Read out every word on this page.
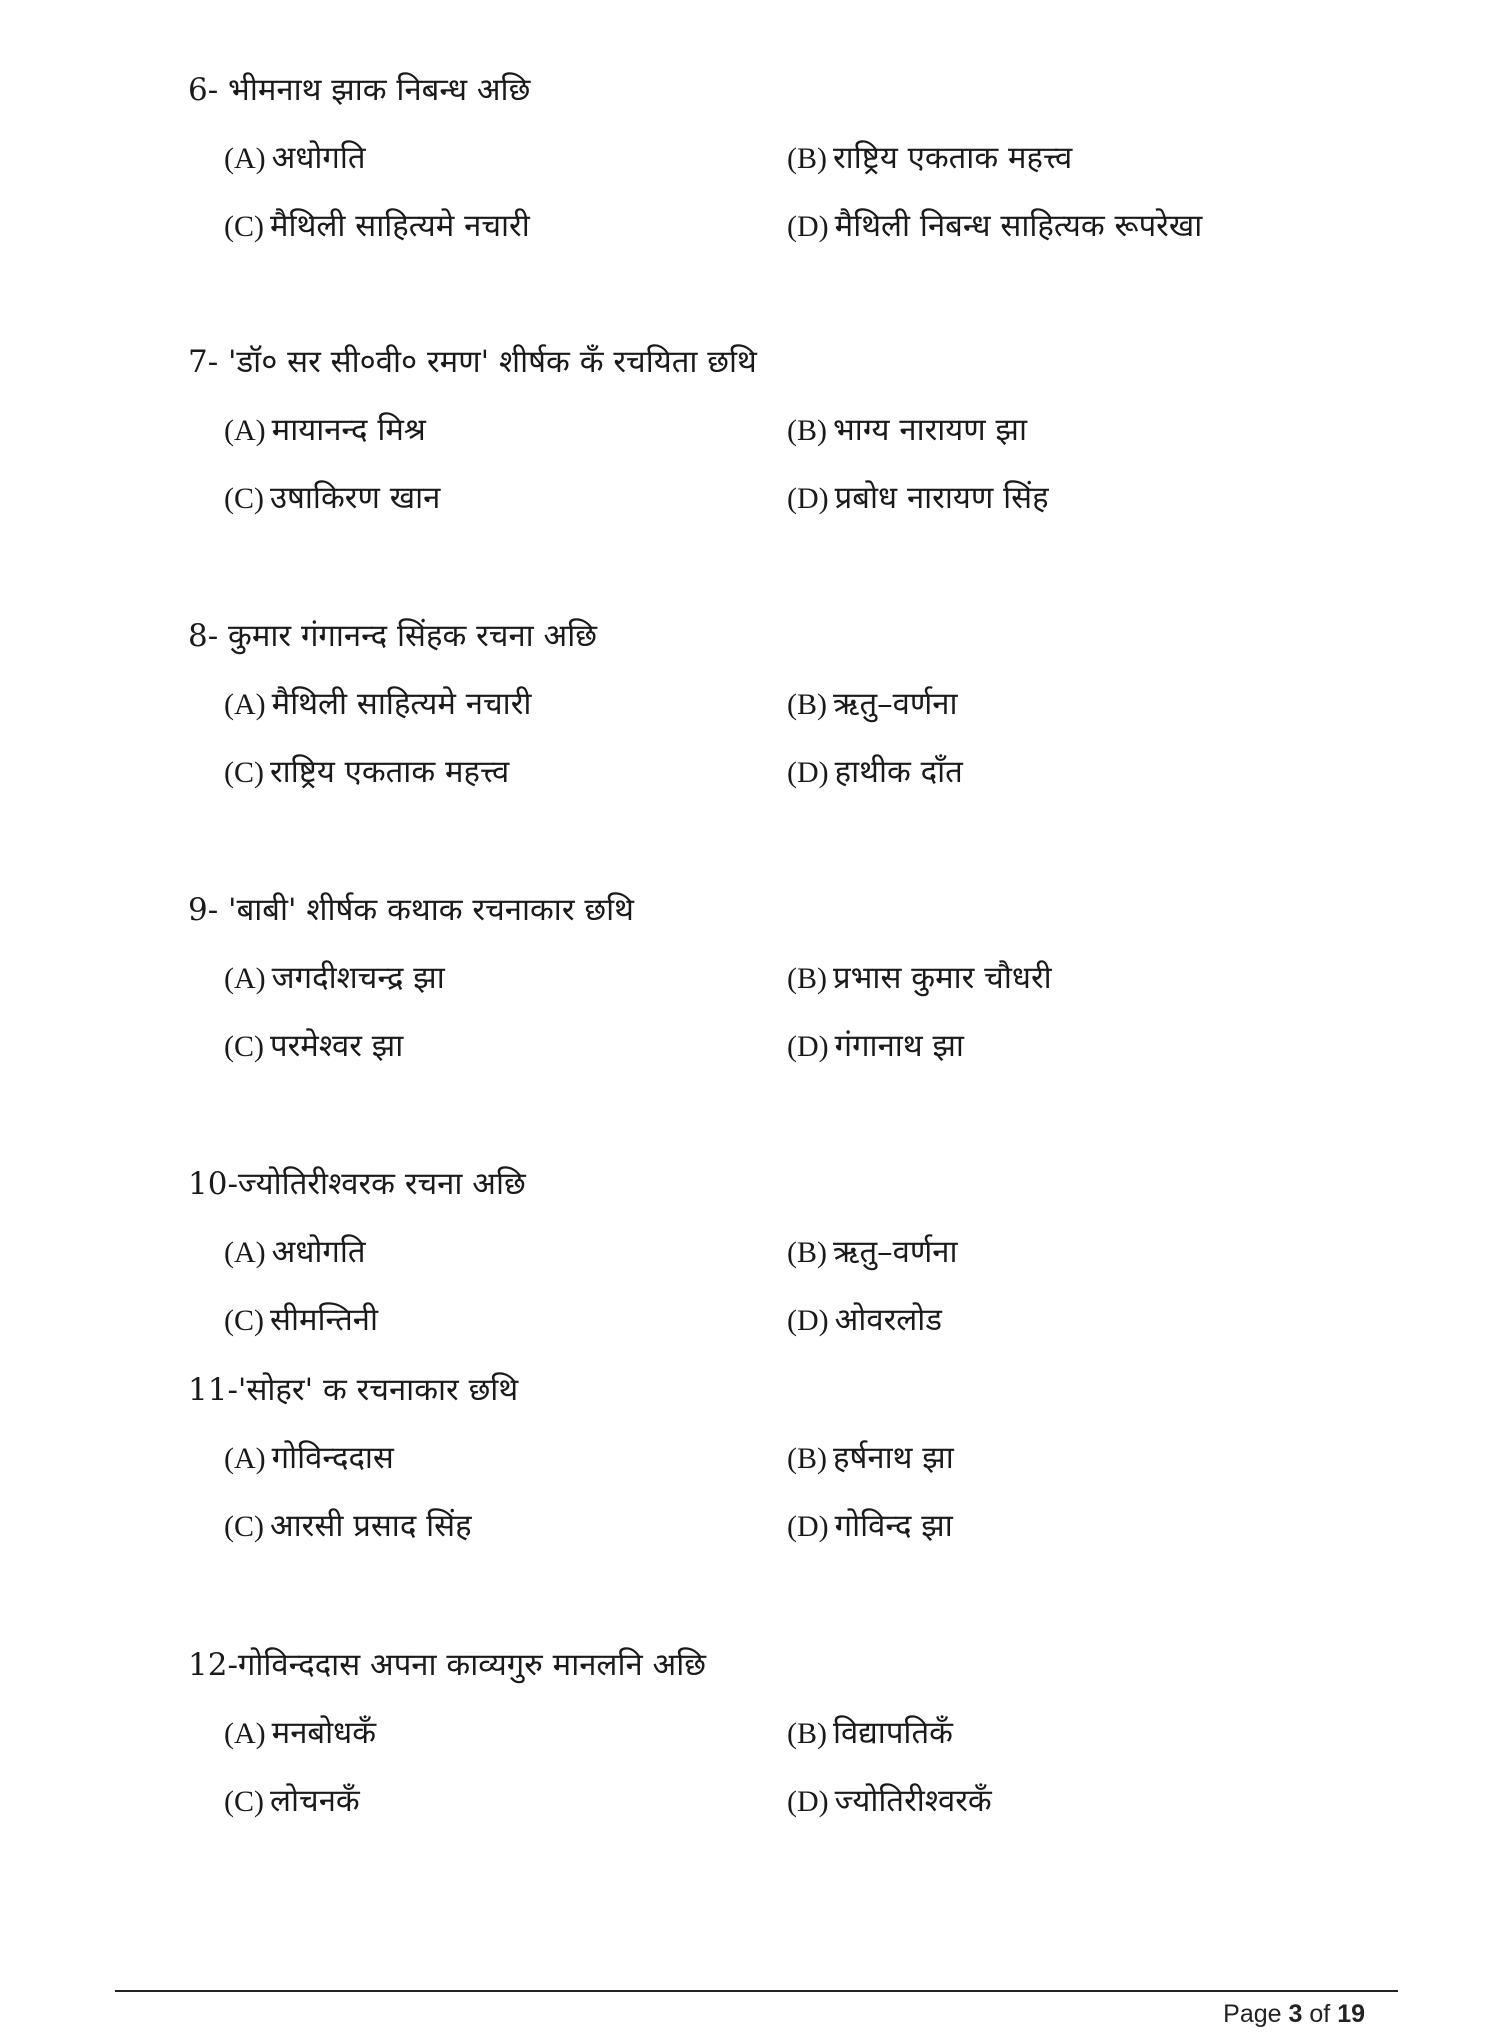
6- भीमनाथ झाक निबन्ध अछि
(A) अधोगति	(B) राष्ट्रिय एकताक महत्त्व
(C) मैथिली साहित्यमे नचारी	(D) मैथिली निबन्ध साहित्यक रूपरेखा
7- 'डॉ० सर सी०वी० रमण' शीर्षक कँ रचयिता छथि
(A) मायानन्द मिश्र	(B) भाग्य नारायण झा
(C) उषाकिरण खान	(D) प्रबोध नारायण सिंह
8- कुमार गंगानन्द सिंहक रचना अछि
(A) मैथिली साहित्यमे नचारी	(B) ऋतु–वर्णना
(C) राष्ट्रिय एकताक महत्त्व	(D) हाथीक दाँत
9- 'बाबी' शीर्षक कथाक रचनाकार छथि
(A) जगदीशचन्द्र झा	(B) प्रभास कुमार चौधरी
(C) परमेश्वर झा	(D) गंगानाथ झा
10-ज्योतिरीश्वरक रचना अछि
(A) अधोगति	(B) ऋतु–वर्णना
(C) सीमन्तिनी	(D) ओवरलोड
11-'सोहर' क रचनाकार छथि
(A) गोविन्ददास	(B) हर्षनाथ झा
(C) आरसी प्रसाद सिंह	(D) गोविन्द झा
12-गोविन्ददास अपना काव्यगुरु मानलनि अछि
(A) मनबोधकँ	(B) विद्यापतिकँ
(C) लोचनकँ	(D) ज्योतिरीश्वरकँ
Page 3 of 19
